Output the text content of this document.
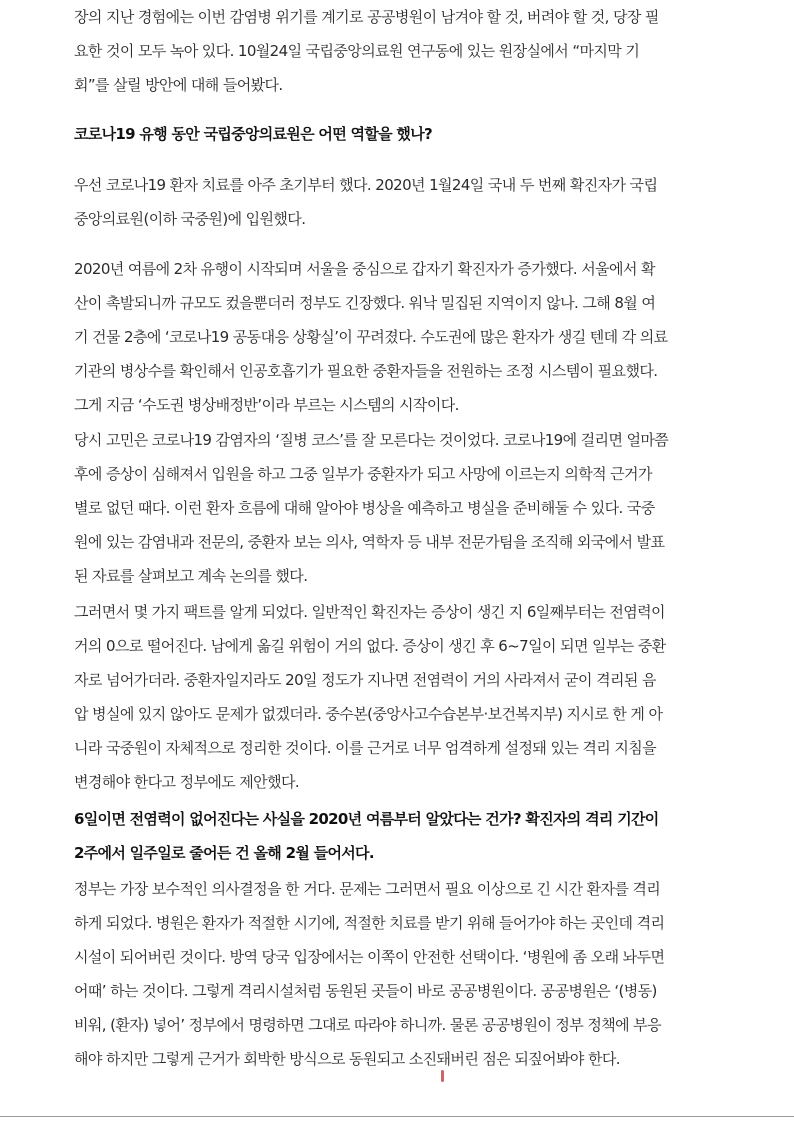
장의 지난 경험에는 이번 감염병 위기를 계기로 공공병원이 남겨야 할 것, 버려야 할 것, 당장 필
요한 것이 모두 녹아 있다. 10월24일 국립중앙의료원 연구동에 있는 원장실에서 “마지막 기
회”를 살릴 방안에 대해 들어봤다.
코로나19 유행 동안 국립중앙의료원은 어떤 역할을 했나?
우선 코로나19 환자 치료를 아주 초기부터 했다. 2020년 1월24일 국내 두 번째 확진자가 국립
중앙의료원(이하 국중원)에 입원했다.
2020년 여름에 2차 유행이 시작되며 서울을 중심으로 갑자기 확진자가 증가했다. 서울에서 확
산이 촉발되니까 규모도 컸을뿐더러 정부도 긴장했다. 워낙 밀집된 지역이지 않나. 그해 8월 여
기 건물 2층에 ‘코로나19 공동대응 상황실’이 꾸려졌다. 수도권에 많은 환자가 생길 텐데 각 의료
기관의 병상수를 확인해서 인공호흡기가 필요한 중환자들을 전원하는 조정 시스템이 필요했다.
그게 지금 ‘수도권 병상배정반’이라 부르는 시스템의 시작이다.
당시 고민은 코로나19 감염자의 ‘질병 코스’를 잘 모른다는 것이었다. 코로나19에 걸리면 얼마쯤
후에 증상이 심해져서 입원을 하고 그중 일부가 중환자가 되고 사망에 이르는지 의학적 근거가
별로 없던 때다. 이런 환자 흐름에 대해 알아야 병상을 예측하고 병실을 준비해둘 수 있다. 국중
원에 있는 감염내과 전문의, 중환자 보는 의사, 역학자 등 내부 전문가팀을 조직해 외국에서 발표
된 자료를 살펴보고 계속 논의를 했다.
그러면서 몇 가지 팩트를 알게 되었다. 일반적인 확진자는 증상이 생긴 지 6일째부터는 전염력이
거의 0으로 떨어진다. 남에게 옮길 위험이 거의 없다. 증상이 생긴 후 6~7일이 되면 일부는 중환
자로 넘어가더라. 중환자일지라도 20일 정도가 지나면 전염력이 거의 사라져서 굳이 격리된 음
압 병실에 있지 않아도 문제가 없겠더라. 중수본(중앙사고수습본부·보건복지부) 지시로 한 게 아
니라 국중원이 자체적으로 정리한 것이다. 이를 근거로 너무 엄격하게 설정돼 있는 격리 지침을
변경해야 한다고 정부에도 제안했다.
6일이면 전염력이 없어진다는 사실을 2020년 여름부터 알았다는 건가? 확진자의 격리 기간이
2주에서 일주일로 줄어든 건 올해 2월 들어서다.
정부는 가장 보수적인 의사결정을 한 거다. 문제는 그러면서 필요 이상으로 긴 시간 환자를 격리
하게 되었다. 병원은 환자가 적절한 시기에, 적절한 치료를 받기 위해 들어가야 하는 곳인데 격리
시설이 되어버린 것이다. 방역 당국 입장에서는 이쪽이 안전한 선택이다. ‘병원에 좀 오래 놔두면
어때’ 하는 것이다. 그렇게 격리시설처럼 동원된 곳들이 바로 공공병원이다. 공공병원은 ‘(병동)
비워, (환자) 넣어’ 정부에서 명령하면 그대로 따라야 하니까. 물론 공공병원이 정부 정책에 부응
해야 하지만 그렇게 근거가 회박한 방식으로 동원되고 소진돼버린 점은 되짚어봐야 한다.
